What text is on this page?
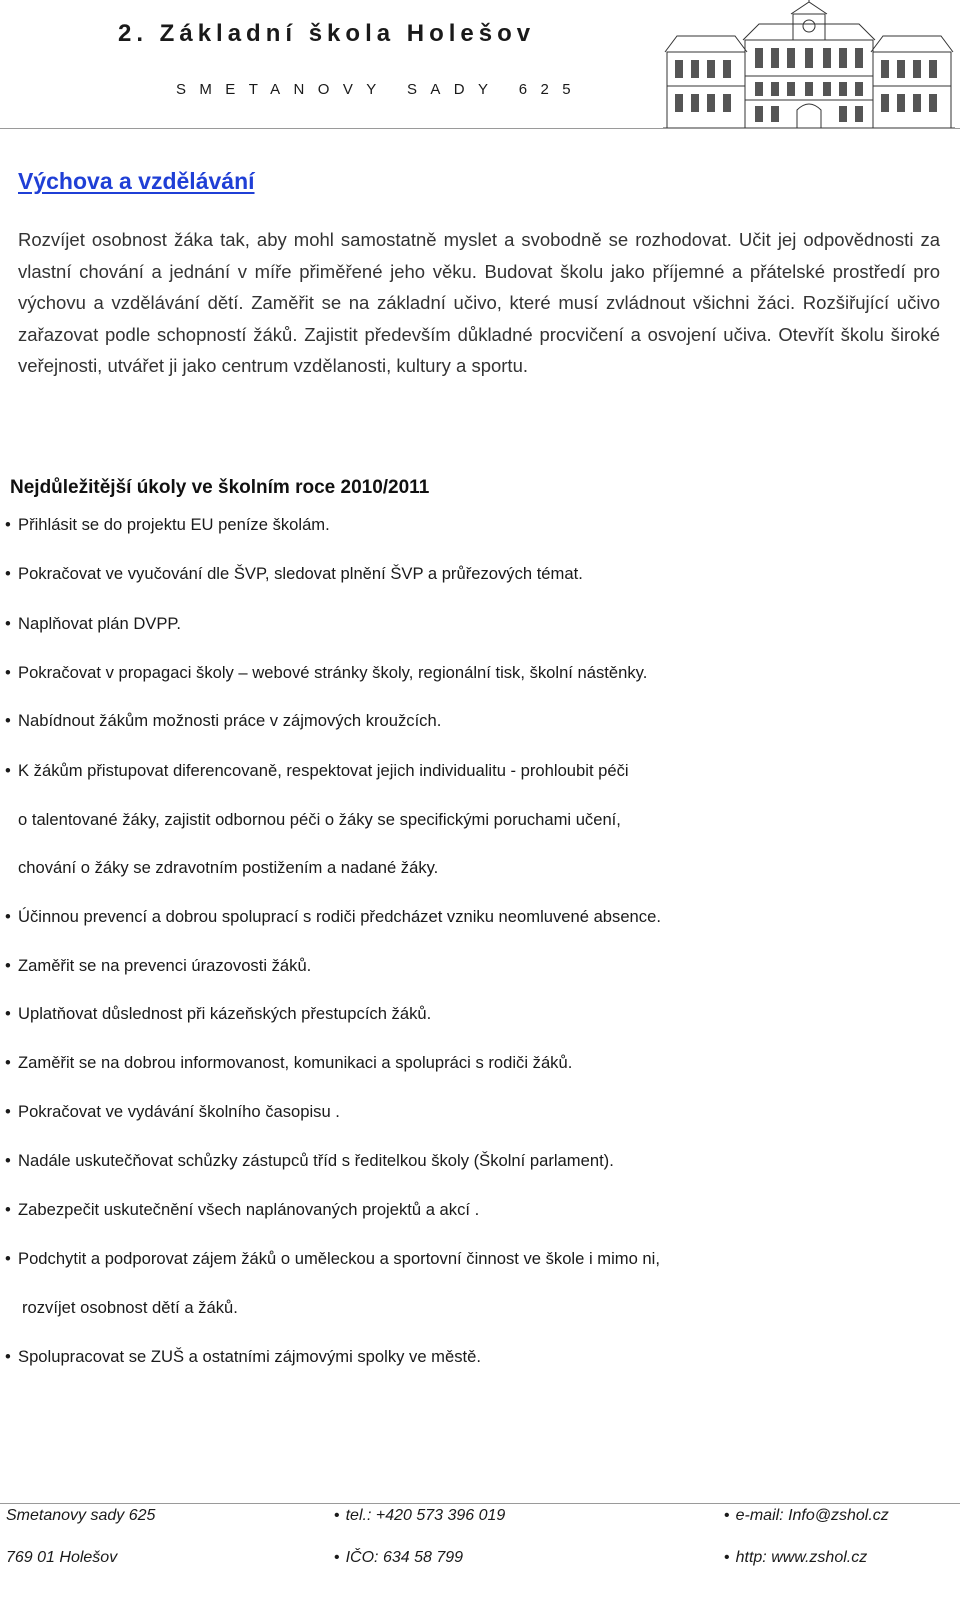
2. Základní škola Holešov
SMETANOVY SADY 625
Výchova a vzdělávání

Rozvíjet osobnost žáka tak, aby mohl samostatně myslet a svobodně se rozhodovat. Učit jej odpovědnosti za vlastní chování a jednání v míře přiměřené jeho věku. Budovat školu jako příjemné a přátelské prostředí pro výchovu a vzdělávání dětí. Zaměřit se na základní učivo, které musí zvládnout všichni žáci. Rozšiřující učivo zařazovat podle schopností žáků. Zajistit především důkladné procvičení a osvojení učiva. Otevřít školu široké veřejnosti, utvářet ji jako centrum vzdělanosti, kultury a sportu.

Nejdůležitější úkoly ve školním roce 2010/2011
• Přihlásit se do projektu EU peníze školám.
• Pokračovat ve vyučování dle ŠVP, sledovat plnění ŠVP a průřezových témat.
• Naplňovat plán DVPP.
• Pokračovat v propagaci školy – webové stránky školy, regionální tisk, školní nástěnky.
• Nabídnout žákům možnosti práce v zájmových kroužcích.
• K žákům přistupovat diferencovaně, respektovat jejich individualitu - prohloubit péči
o talentované žáky, zajistit odbornou péči o žáky se specifickými poruchami učení,
chování o žáky se zdravotním postižením a nadané žáky.
• Účinnou prevencí a dobrou spoluprací s rodiči předcházet vzniku neomluvené absence.
• Zaměřit se na prevenci úrazovosti žáků.
• Uplatňovat důslednost při kázeňských přestupcích žáků.
• Zaměřit se na dobrou informovanost, komunikaci a spolupráci s rodiči žáků.
• Pokračovat ve vydávání školního časopisu .
• Nadále uskutečňovat schůzky zástupců tříd s ředitelkou školy (Školní parlament).
• Zabezpečit uskutečnění všech naplánovaných projektů a akcí .
• Podchytit a podporovat zájem žáků o uměleckou a sportovní činnost ve škole i mimo ni,
rozvíjet osobnost dětí a žáků.
• Spolupracovat se ZUŠ a ostatními zájmovými spolky ve městě.
Smetanovy sady 625
769 01 Holešov
• tel.: +420 573 396 019
• IČO: 634 58 799
• e-mail: Info@zshol.cz
• http: www.zshol.cz
